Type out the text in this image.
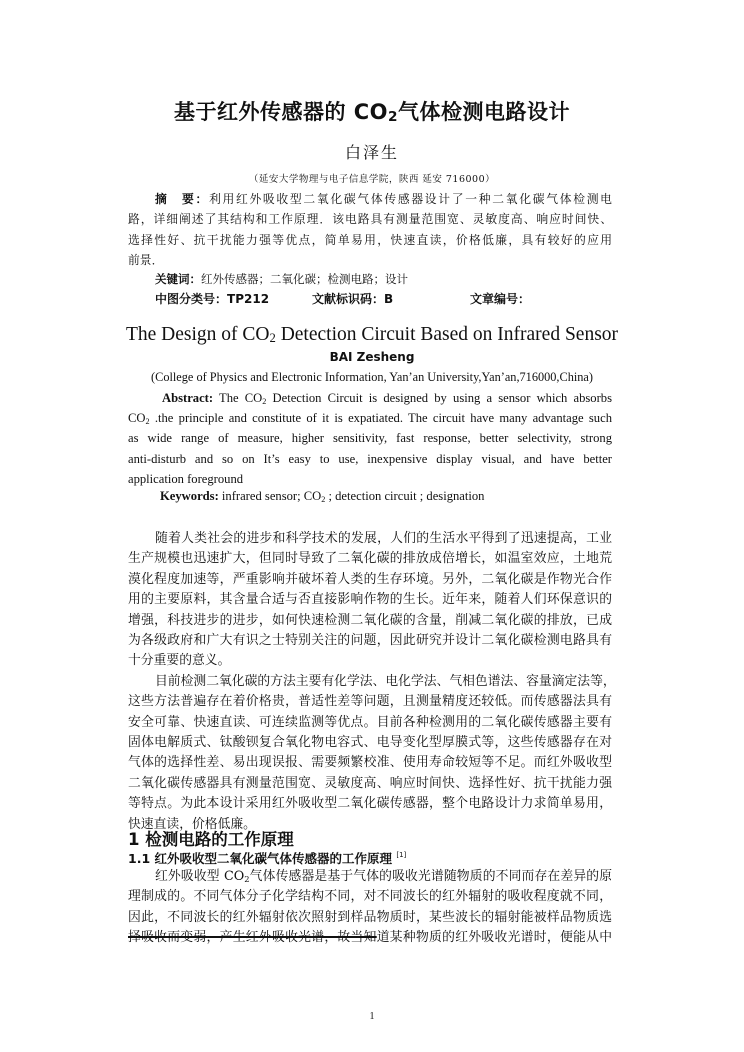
基于红外传感器的 $CO_2$气体检测电路设计
白泽生
（延安大学物理与电子信息学院，陕西 延安 716000）
摘　要：利用红外吸收型二氧化碳气体传感器设计了一种二氧化碳气体检测电
路，详细阐述了其结构和工作原理．该电路具有测量范围宽、灵敏度高、响应时间快、
选择性好、抗干扰能力强等优点，简单易用，快速直读，价格低廉，具有较好的应用
前景．
关键词：红外传感器；二氧化碳；检测电路；设计
中图分类号：TP212	文献标识码：B	文章编号：
The Design of $CO_2$ Detection Circuit Based on Infrared Sensor
BAI Zesheng
(College of Physics and Electronic Information, Yan’an University,Yan’an,716000,China)
Abstract: The $CO_2$ Detection Circuit is designed by using a sensor which absorbs
$CO_2$ .the principle and constitute of it is expatiated. The circuit have many advantage such
as wide range of measure, higher sensitivity, fast response, better selectivity, strong
anti-disturb and so on It’s easy to use, inexpensive display visual, and have better
application foreground
Keywords: infrared sensor; $CO_2$ ; detection circuit ; designation
随着人类社会的进步和科学技术的发展，人们的生活水平得到了迅速提高，工业
生产规模也迅速扩大，但同时导致了二氧化碳的排放成倍增长，如温室效应，土地荒
漠化程度加速等，严重影响并破坏着人类的生存环境。另外，二氧化碳是作物光合作
用的主要原料，其含量合适与否直接影响作物的生长。近年来，随着人们环保意识的
增强，科技进步的进步，如何快速检测二氧化碳的含量，削减二氧化碳的排放，已成
为各级政府和广大有识之士特别关注的问题，因此研究并设计二氧化碳检测电路具有
十分重要的意义。
目前检测二氧化碳的方法主要有化学法、电化学法、气相色谱法、容量滴定法等，
这些方法普遍存在着价格贵，普适性差等问题，且测量精度还较低。而传感器法具有
安全可靠、快速直读、可连续监测等优点。目前各种检测用的二氧化碳传感器主要有
固体电解质式、钛酸钡复合氧化物电容式、电导变化型厚膜式等，这些传感器存在对
气体的选择性差、易出现误报、需要频繁校准、使用寿命较短等不足。而红外吸收型
二氧化碳传感器具有测量范围宽、灵敏度高、响应时间快、选择性好、抗干扰能力强
等特点。为此本设计采用红外吸收型二氧化碳传感器，整个电路设计力求简单易用，
快速直读，价格低廉。
1 检测电路的工作原理
1.1 红外吸收型二氧化碳气体传感器的工作原理 [1]
红外吸收型 $CO_2$气体传感器是基于气体的吸收光谱随物质的不同而存在差异的原
理制成的。不同气体分子化学结构不同，对不同波长的红外辐射的吸收程度就不同，
因此，不同波长的红外辐射依次照射到样品物质时，某些波长的辐射能被样品物质选
择吸收而变弱，产生红外吸收光谱，故当知道某种物质的红外吸收光谱时，便能从中
1
